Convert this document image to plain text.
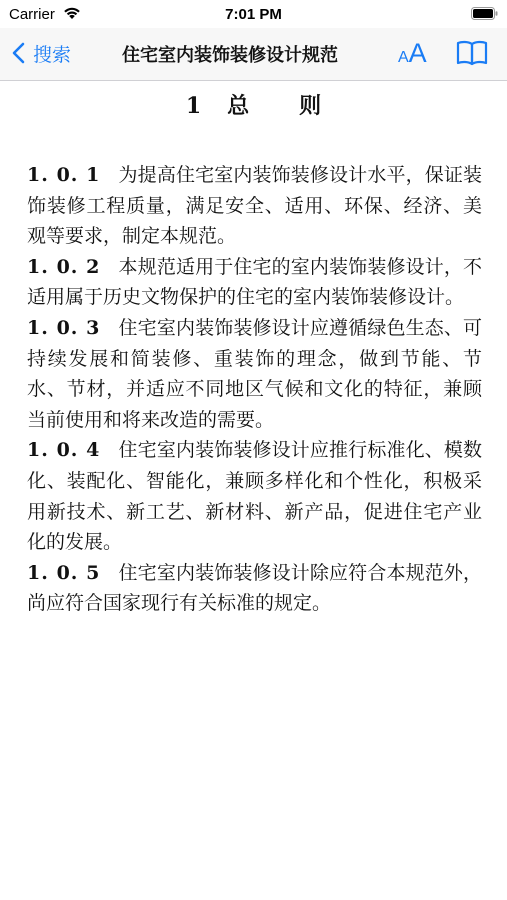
Carrier	7:01 PM
搜索	住宅室内装饰装修设计规范	AA
1 总 则

1. 0. 1 为提高住宅室内装饰装修设计水平，保证装饰装修工程质量，满足安全、适用、环保、经济、美观等要求，制定本规范。

1. 0. 2 本规范适用于住宅的室内装饰装修设计，不适用属于历史文物保护的住宅的室内装饰装修设计。

1. 0. 3 住宅室内装饰装修设计应遵循绿色生态、可持续发展和简装修、重装饰的理念，做到节能、节水、节材，并适应不同地区气候和文化的特征，兼顾当前使用和将来改造的需要。

1. 0. 4 住宅室内装饰装修设计应推行标准化、模数化、装配化、智能化，兼顾多样化和个性化，积极采用新技术、新工艺、新材料、新产品，促进住宅产业化的发展。

1. 0. 5 住宅室内装饰装修设计除应符合本规范外，尚应符合国家现行有关标准的规定。
